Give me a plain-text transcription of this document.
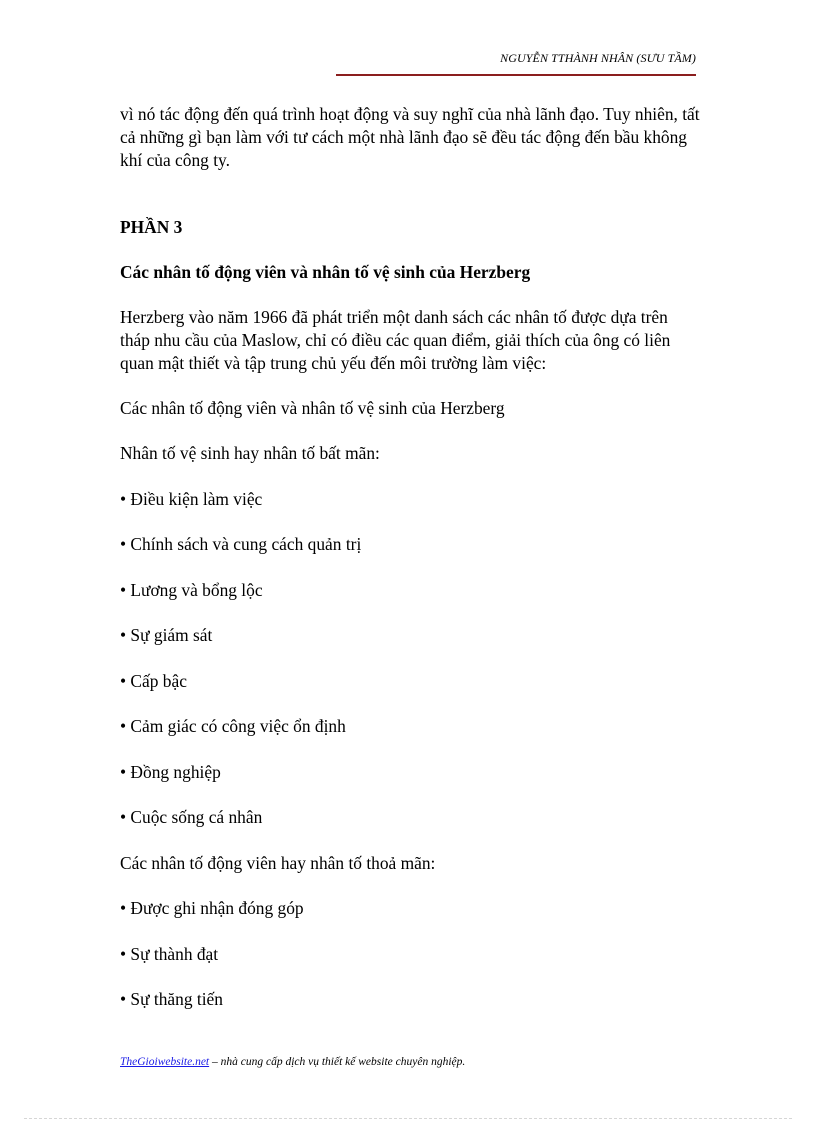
NGUYỄN TTHÀNH NHÂN (SƯU TẦM)

vì nó tác động đến quá trình hoạt động và suy nghĩ của nhà lãnh đạo. Tuy nhiên, tất cả những gì bạn làm với tư cách một nhà lãnh đạo sẽ đều tác động đến bầu không khí của công ty.

PHẦN 3

Các nhân tố động viên và nhân tố vệ sinh của Herzberg

Herzberg vào năm 1966 đã phát triển một danh sách các nhân tố được dựa trên tháp nhu cầu của Maslow, chỉ có điều các quan điểm, giải thích của ông có liên quan mật thiết và tập trung chủ yếu đến môi trường làm việc:

Các nhân tố động viên và nhân tố vệ sinh của Herzberg

Nhân tố vệ sinh hay nhân tố bất mãn:

• Điều kiện làm việc

• Chính sách và cung cách quản trị

• Lương và bổng lộc

• Sự giám sát

• Cấp bậc

• Cảm giác có công việc ổn định

• Đồng nghiệp

• Cuộc sống cá nhân

Các nhân tố động viên hay nhân tố thoả mãn:

• Được ghi nhận đóng góp

• Sự thành đạt

• Sự thăng tiến

TheGioiwebsite.net – nhà cung cấp dịch vụ thiết kế website chuyên nghiệp.
